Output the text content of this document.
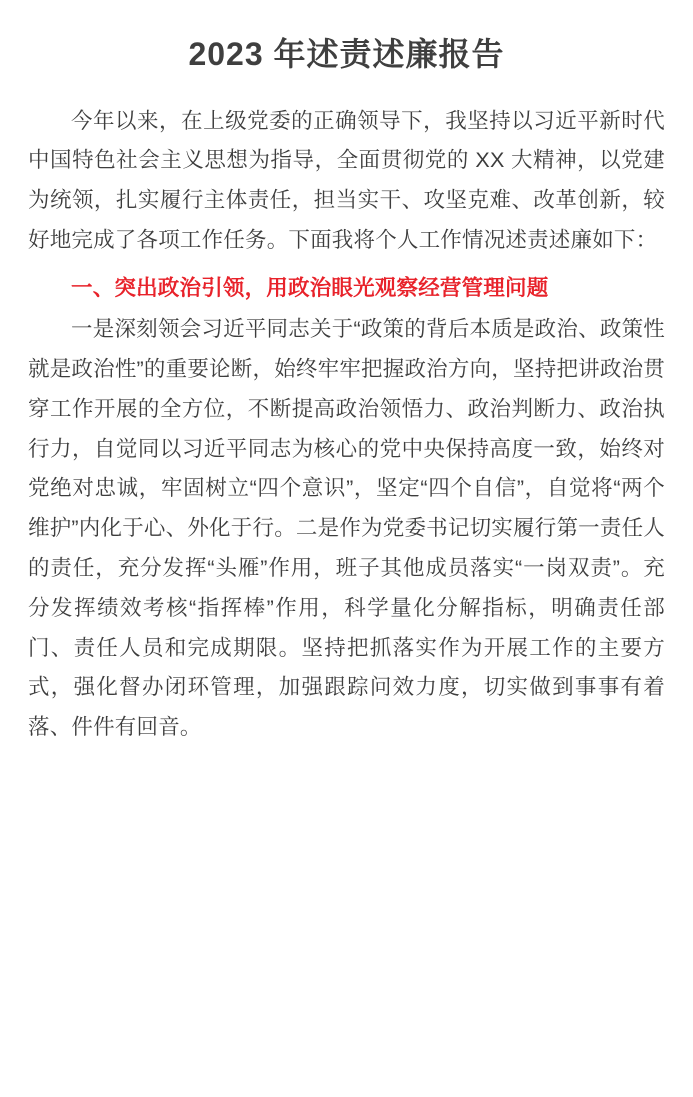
2023 年述责述廉报告

今年以来，在上级党委的正确领导下，我坚持以习近平新时代中国特色社会主义思想为指导，全面贯彻党的 XX 大精神，以党建为统领，扎实履行主体责任，担当实干、攻坚克难、改革创新，较好地完成了各项工作任务。下面我将个人工作情况述责述廉如下：

一、突出政治引领，用政治眼光观察经营管理问题

一是深刻领会习近平同志关于“政策的背后本质是政治、政策性就是政治性”的重要论断，始终牢牢把握政治方向，坚持把讲政治贯穿工作开展的全方位，不断提高政治领悟力、政治判断力、政治执行力，自觉同以习近平同志为核心的党中央保持高度一致，始终对党绝对忠诚，牢固树立“四个意识”，坚定“四个自信”，自觉将“两个维护”内化于心、外化于行。二是作为党委书记切实履行第一责任人的责任，充分发挥“头雁”作用，班子其他成员落实“一岗双责”。充分发挥绩效考核“指挥棒”作用，科学量化分解指标，明确责任部门、责任人员和完成期限。坚持把抓落实作为开展工作的主要方式，强化督办闭环管理，加强跟踪问效力度，切实做到事事有着落、件件有回音。
